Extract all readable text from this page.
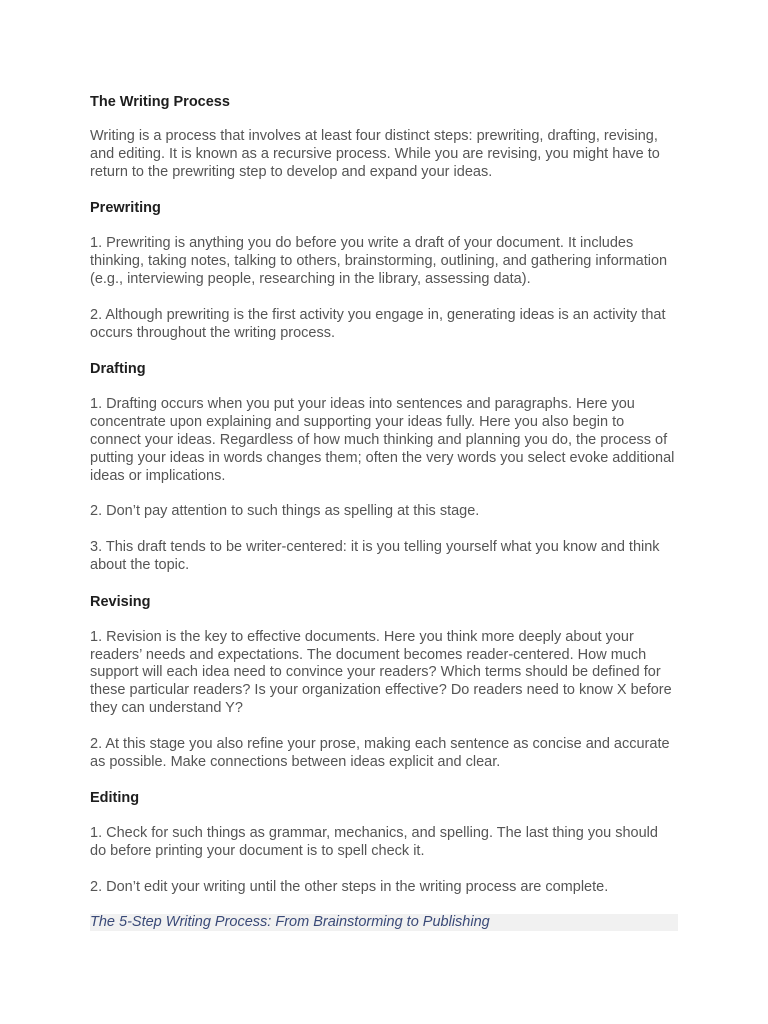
The Writing Process

Writing is a process that involves at least four distinct steps: prewriting, drafting, revising, and editing. It is known as a recursive process. While you are revising, you might have to return to the prewriting step to develop and expand your ideas.

Prewriting

1. Prewriting is anything you do before you write a draft of your document. It includes thinking, taking notes, talking to others, brainstorming, outlining, and gathering information (e.g., interviewing people, researching in the library, assessing data).

2. Although prewriting is the first activity you engage in, generating ideas is an activity that occurs throughout the writing process.

Drafting

1. Drafting occurs when you put your ideas into sentences and paragraphs. Here you concentrate upon explaining and supporting your ideas fully. Here you also begin to connect your ideas. Regardless of how much thinking and planning you do, the process of putting your ideas in words changes them; often the very words you select evoke additional ideas or implications.

2. Don’t pay attention to such things as spelling at this stage.

3. This draft tends to be writer-centered: it is you telling yourself what you know and think about the topic.

Revising

1. Revision is the key to effective documents. Here you think more deeply about your readers’ needs and expectations. The document becomes reader-centered. How much support will each idea need to convince your readers? Which terms should be defined for these particular readers? Is your organization effective? Do readers need to know X before they can understand Y?

2. At this stage you also refine your prose, making each sentence as concise and accurate as possible. Make connections between ideas explicit and clear.

Editing

1. Check for such things as grammar, mechanics, and spelling. The last thing you should do before printing your document is to spell check it.

2. Don’t edit your writing until the other steps in the writing process are complete.

The 5-Step Writing Process: From Brainstorming to Publishing
